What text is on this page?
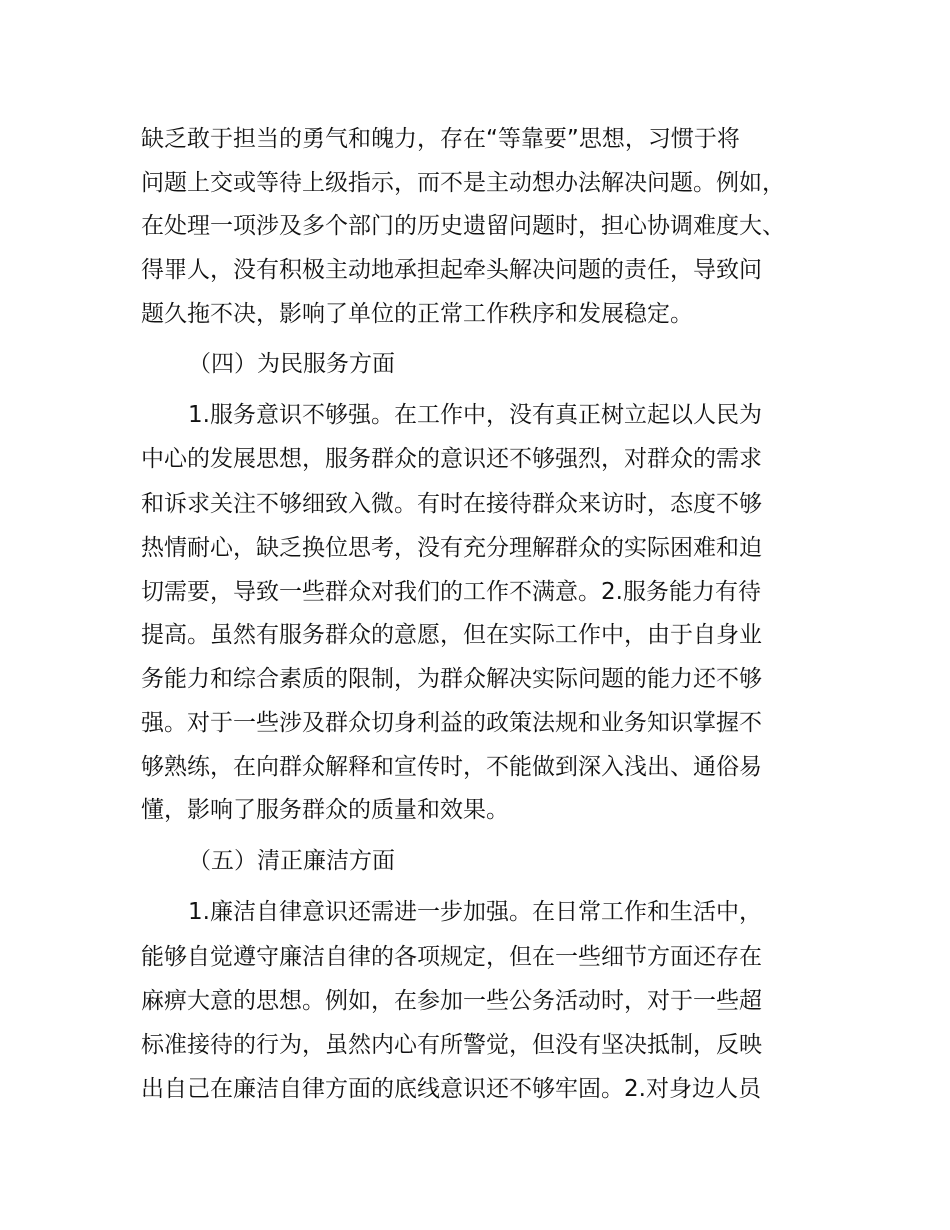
缺乏敢于担当的勇气和魄力，存在“等靠要”思想，习惯于将
问题上交或等待上级指示，而不是主动想办法解决问题。例如，
在处理一项涉及多个部门的历史遗留问题时，担心协调难度大、
得罪人，没有积极主动地承担起牵头解决问题的责任，导致问
题久拖不决，影响了单位的正常工作秩序和发展稳定。
（四）为民服务方面
1.服务意识不够强。在工作中，没有真正树立起以人民为
中心的发展思想，服务群众的意识还不够强烈，对群众的需求
和诉求关注不够细致入微。有时在接待群众来访时，态度不够
热情耐心，缺乏换位思考，没有充分理解群众的实际困难和迫
切需要，导致一些群众对我们的工作不满意。2.服务能力有待
提高。虽然有服务群众的意愿，但在实际工作中，由于自身业
务能力和综合素质的限制，为群众解决实际问题的能力还不够
强。对于一些涉及群众切身利益的政策法规和业务知识掌握不
够熟练，在向群众解释和宣传时，不能做到深入浅出、通俗易
懂，影响了服务群众的质量和效果。
（五）清正廉洁方面
1.廉洁自律意识还需进一步加强。在日常工作和生活中，
能够自觉遵守廉洁自律的各项规定，但在一些细节方面还存在
麻痹大意的思想。例如，在参加一些公务活动时，对于一些超
标准接待的行为，虽然内心有所警觉，但没有坚决抵制，反映
出自己在廉洁自律方面的底线意识还不够牢固。2.对身边人员
